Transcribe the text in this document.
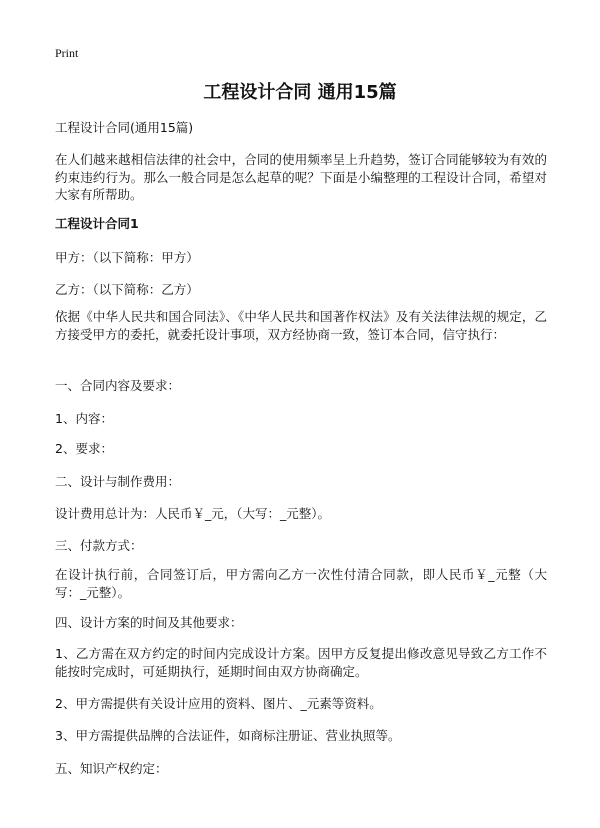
Print
工程设计合同 通用15篇

工程设计合同(通用15篇)

在人们越来越相信法律的社会中，合同的使用频率呈上升趋势，签订合同能够较为有效的约束违约行为。那么一般合同是怎么起草的呢？下面是小编整理的工程设计合同，希望对大家有所帮助。

工程设计合同1

甲方：（以下简称：甲方）

乙方：（以下简称：乙方）

依据《中华人民共和国合同法》、《中华人民共和国著作权法》及有关法律法规的规定，乙方接受甲方的委托，就委托设计事项，双方经协商一致，签订本合同，信守执行：

一、合同内容及要求：

1、内容：

2、要求：

二、设计与制作费用：

设计费用总计为：人民币￥_元，（大写：_元整）。

三、付款方式：

在设计执行前，合同签订后，甲方需向乙方一次性付清合同款，即人民币￥_元整（大写：_元整）。

四、设计方案的时间及其他要求：

1、乙方需在双方约定的时间内完成设计方案。因甲方反复提出修改意见导致乙方工作不能按时完成时，可延期执行，延期时间由双方协商确定。

2、甲方需提供有关设计应用的资料、图片、_元素等资料。

3、甲方需提供品牌的合法证件，如商标注册证、营业执照等。

五、知识产权约定：
